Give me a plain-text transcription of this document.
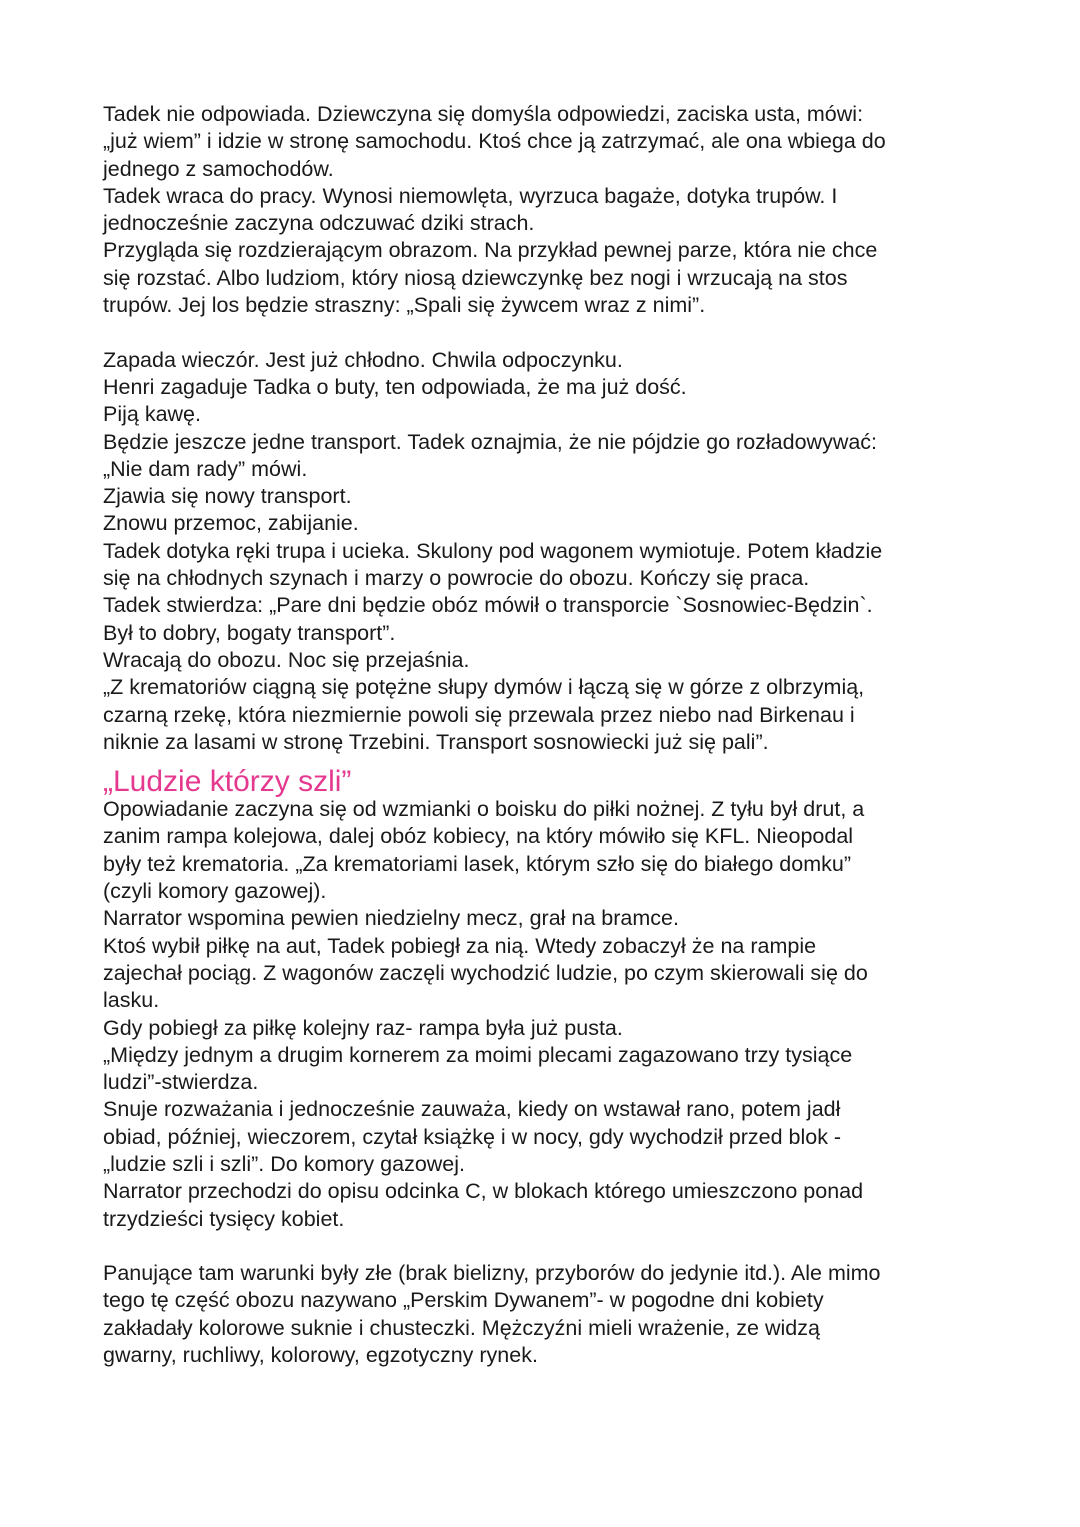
Tadek nie odpowiada. Dziewczyna się domyśla odpowiedzi, zaciska usta, mówi:
„już wiem” i idzie w stronę samochodu. Ktoś chce ją zatrzymać, ale ona wbiega do
jednego z samochodów.
Tadek wraca do pracy. Wynosi niemowlęta, wyrzuca bagaże, dotyka trupów. I
jednocześnie zaczyna odczuwać dziki strach.
Przygląda się rozdzierającym obrazom. Na przykład pewnej parze, która nie chce
się rozstać. Albo ludziom, który niosą dziewczynkę bez nogi i wrzucają na stos
trupów. Jej los będzie straszny: „Spali się żywcem wraz z nimi”.
Zapada wieczór. Jest już chłodno. Chwila odpoczynku.
Henri zagaduje Tadka o buty, ten odpowiada, że ma już dość.
Piją kawę.
Będzie jeszcze jedne transport. Tadek oznajmia, że nie pójdzie go rozładowywać:
„Nie dam rady” mówi.
Zjawia się nowy transport.
Znowu przemoc, zabijanie.
Tadek dotyka ręki trupa i ucieka. Skulony pod wagonem wymiotuje. Potem kładzie
się na chłodnych szynach i marzy o powrocie do obozu. Kończy się praca.
Tadek stwierdza: „Pare dni będzie obóz mówił o transporcie `Sosnowiec-Będzin`.
Był to dobry, bogaty transport”.
Wracają do obozu. Noc się przejaśnia.
„Z krematoriów ciągną się potężne słupy dymów i łączą się w górze z olbrzymią,
czarną rzekę, która niezmiernie powoli się przewala przez niebo nad Birkenau i
niknie za lasami w stronę Trzebini. Transport sosnowiecki już się pali”.
„Ludzie którzy szli”
Opowiadanie zaczyna się od wzmianki o boisku do piłki nożnej. Z tyłu był drut, a
zanim rampa kolejowa, dalej obóz kobiecy, na który mówiło się KFL. Nieopodal
były też krematoria. „Za krematoriami lasek, którym szło się do białego domku”
(czyli komory gazowej).
Narrator wspomina pewien niedzielny mecz, grał na bramce.
Ktoś wybił piłkę na aut, Tadek pobiegł za nią. Wtedy zobaczył że na rampie
zajechał pociąg. Z wagonów zaczęli wychodzić ludzie, po czym skierowali się do
lasku.
Gdy pobiegł za piłkę kolejny raz- rampa była już pusta.
„Między jednym a drugim kornerem za moimi plecami zagazowano trzy tysiące
ludzi”-stwierdza.
Snuje rozważania i jednocześnie zauważa, kiedy on wstawał rano, potem jadł
obiad, później, wieczorem, czytał książkę i w nocy, gdy wychodził przed blok -
„ludzie szli i szli”. Do komory gazowej.
Narrator przechodzi do opisu odcinka C, w blokach którego umieszczono ponad
trzydzieści tysięcy kobiet.
Panujące tam warunki były złe (brak bielizny, przyborów do jedynie itd.). Ale mimo
tego tę część obozu nazywano „Perskim Dywanem”- w pogodne dni kobiety
zakładały kolorowe suknie i chusteczki. Mężczyźni mieli wrażenie, ze widzą
gwarny, ruchliwy, kolorowy, egzotyczny rynek.
